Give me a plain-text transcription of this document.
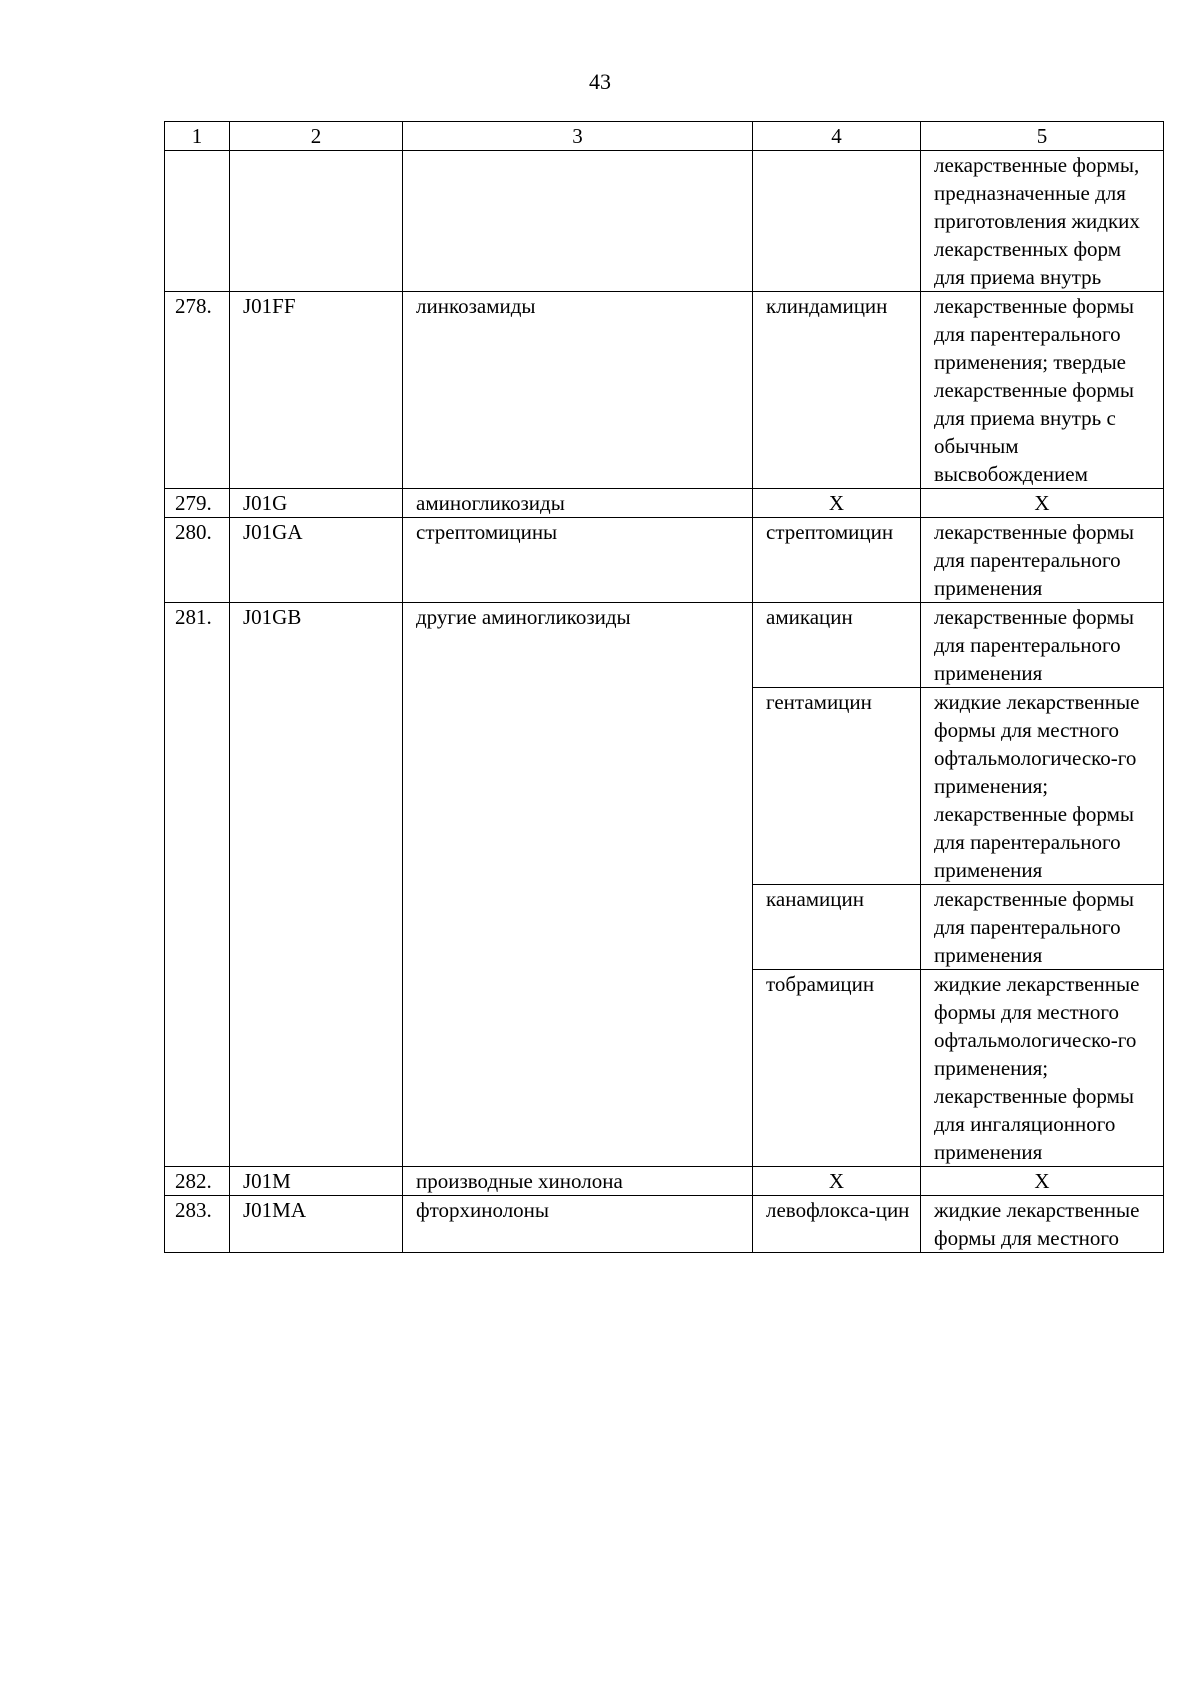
43
1	2	3	4	5
				лекарственные формы, предназначенные для приготовления жидких лекарственных форм для приема внутрь
278.	J01FF	линкозамиды	клиндамицин	лекарственные формы для парентерального применения; твердые лекарственные формы для приема внутрь с обычным высвобождением
279.	J01G	аминогликозиды	Х	Х
280.	J01GA	стрептомицины	стрептомицин	лекарственные формы для парентерального применения
281.	J01GB	другие аминогликозиды	амикацин	лекарственные формы для парентерального применения
			гентамицин	жидкие лекарственные формы для местного офтальмологическо-го применения; лекарственные формы для парентерального применения
			канамицин	лекарственные формы для парентерального применения
			тобрамицин	жидкие лекарственные формы для местного офтальмологическо-го применения; лекарственные формы для ингаляционного применения
282.	J01M	производные хинолона	Х	Х
283.	J01MA	фторхинолоны	левофлокса-цин	жидкие лекарственные формы для местного
